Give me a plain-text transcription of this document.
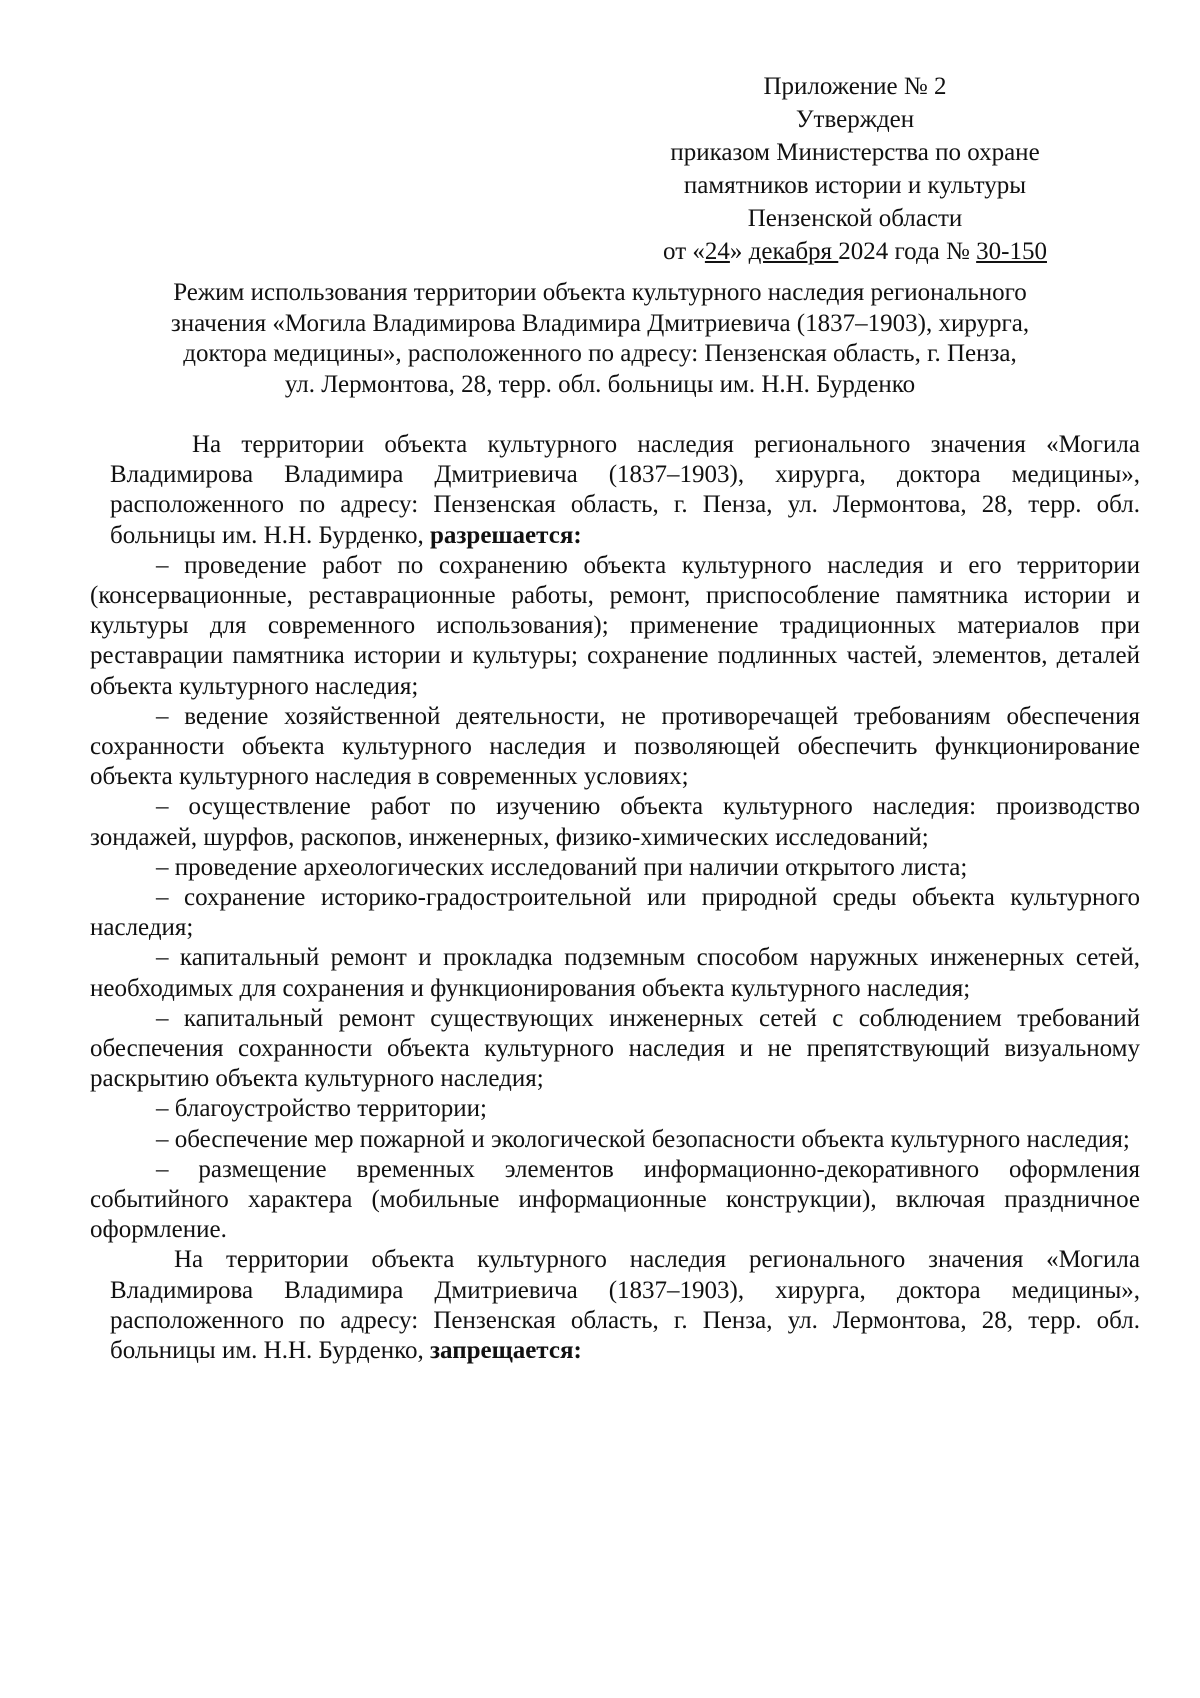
Приложение № 2
Утвержден
приказом Министерства по охране
памятников истории и культуры
Пензенской области
от «24» декабря 2024 года № 30-150
Режим использования территории объекта культурного наследия регионального
значения «Могила Владимирова Владимира Дмитриевича (1837–1903), хирурга,
доктора медицины», расположенного по адресу: Пензенская область, г. Пенза,
ул. Лермонтова, 28, терр. обл. больницы им. Н.Н. Бурденко

На территории объекта культурного наследия регионального значения «Могила Владимирова Владимира Дмитриевича (1837–1903), хирурга, доктора медицины», расположенного по адресу: Пензенская область, г. Пенза, ул. Лермонтова, 28, терр. обл. больницы им. Н.Н. Бурденко, разрешается:

– проведение работ по сохранению объекта культурного наследия и его территории (консервационные, реставрационные работы, ремонт, приспособление памятника истории и культуры для современного использования); применение традиционных материалов при реставрации памятника истории и культуры; сохранение подлинных частей, элементов, деталей объекта культурного наследия;

– ведение хозяйственной деятельности, не противоречащей требованиям обеспечения сохранности объекта культурного наследия и позволяющей обеспечить функционирование объекта культурного наследия в современных условиях;

– осуществление работ по изучению объекта культурного наследия: производство зондажей, шурфов, раскопов, инженерных, физико-химических исследований;

– проведение археологических исследований при наличии открытого листа;

– сохранение историко-градостроительной или природной среды объекта культурного наследия;

– капитальный ремонт и прокладка подземным способом наружных инженерных сетей, необходимых для сохранения и функционирования объекта культурного наследия;

– капитальный ремонт существующих инженерных сетей с соблюдением требований обеспечения сохранности объекта культурного наследия и не препятствующий визуальному раскрытию объекта культурного наследия;

– благоустройство территории;

– обеспечение мер пожарной и экологической безопасности объекта культурного наследия;

– размещение временных элементов информационно-декоративного оформления событийного характера (мобильные информационные конструкции), включая праздничное оформление.

На территории объекта культурного наследия регионального значения «Могила Владимирова Владимира Дмитриевича (1837–1903), хирурга, доктора медицины», расположенного по адресу: Пензенская область, г. Пенза, ул. Лермонтова, 28, терр. обл. больницы им. Н.Н. Бурденко, запрещается:
